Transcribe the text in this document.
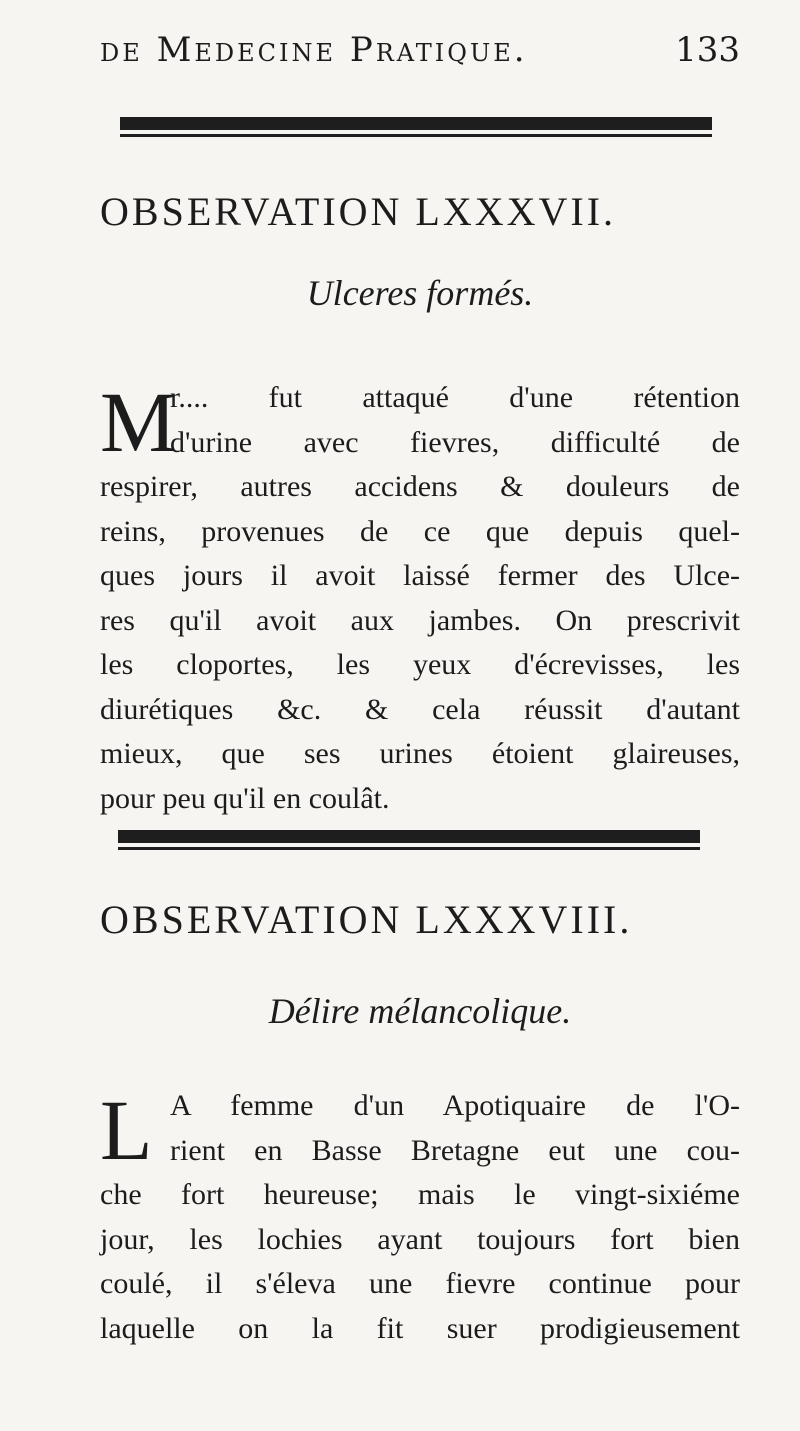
de Medecine Pratique.	133
OBSERVATION LXXXVII.
Ulceres formés.
M
r.... fut attaqué d'une rétention
d'urine avec fievres, difficulté de
respirer, autres accidens & douleurs de
reins, provenues de ce que depuis quel-
ques jours il avoit laissé fermer des Ulce-
res qu'il avoit aux jambes. On prescrivit
les cloportes, les yeux d'écrevisses, les
diurétiques &c. & cela réussit d'autant
mieux, que ses urines étoient glaireuses,
pour peu qu'il en coulât.
OBSERVATION LXXXVIII.
Délire mélancolique.
L A femme d'un Apotiquaire de l'O-
rient en Basse Bretagne eut une cou-
che fort heureuse; mais le vingt-sixiéme
jour, les lochies ayant toujours fort bien
coulé, il s'éleva une fievre continue pour
laquelle on la fit suer prodigieusement
